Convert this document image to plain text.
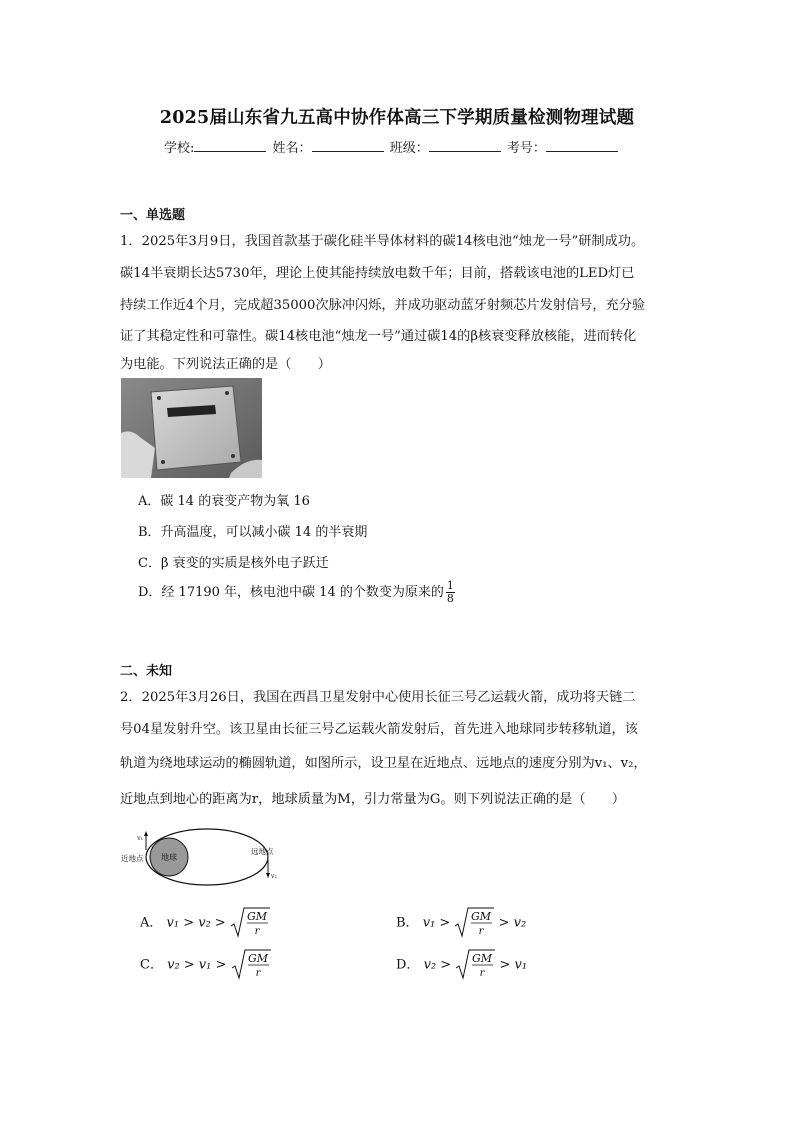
2025届山东省九五高中协作体高三下学期质量检测物理试题
学校:	姓名：	班级：	考号：
一、单选题
1．2025年3月9日，我国首款基于碳化硅半导体材料的碳14核电池“烛龙一号”研制成功。
碳14半衰期长达5730年，理论上使其能持续放电数千年；目前，搭载该电池的LED灯已
持续工作近4个月，完成超35000次脉冲闪烁，并成功驱动蓝牙射频芯片发射信号，充分验
证了其稳定性和可靠性。碳14核电池“烛龙一号”通过碳14的β核衰变释放核能，进而转化
为电能。下列说法正确的是（　　）
A．碳 14 的衰变产物为氧 16
B．升高温度，可以减小碳 14 的半衰期
C．β 衰变的实质是核外电子跃迁
D．经 17190 年，核电池中碳 14 的个数变为原来的 $\frac{1}{8}$
二、未知
2．2025年3月26日，我国在西昌卫星发射中心使用长征三号乙运载火箭，成功将天链二
号04星发射升空。该卫星由长征三号乙运载火箭发射后，首先进入地球同步转移轨道，该
轨道为绕地球运动的椭圆轨道，如图所示，设卫星在近地点、远地点的速度分别为v₁、v₂，
近地点到地心的距离为r，地球质量为M，引力常量为G。则下列说法正确的是（　　）
地球
v₁
近地点
v₂
远地点
A． v₁ > v₂ > GM
r
B． v₁ > GM
r
> v₂
C． v₂ > v₁ > GM
r
D． v₂ > GM
r
> v₁
